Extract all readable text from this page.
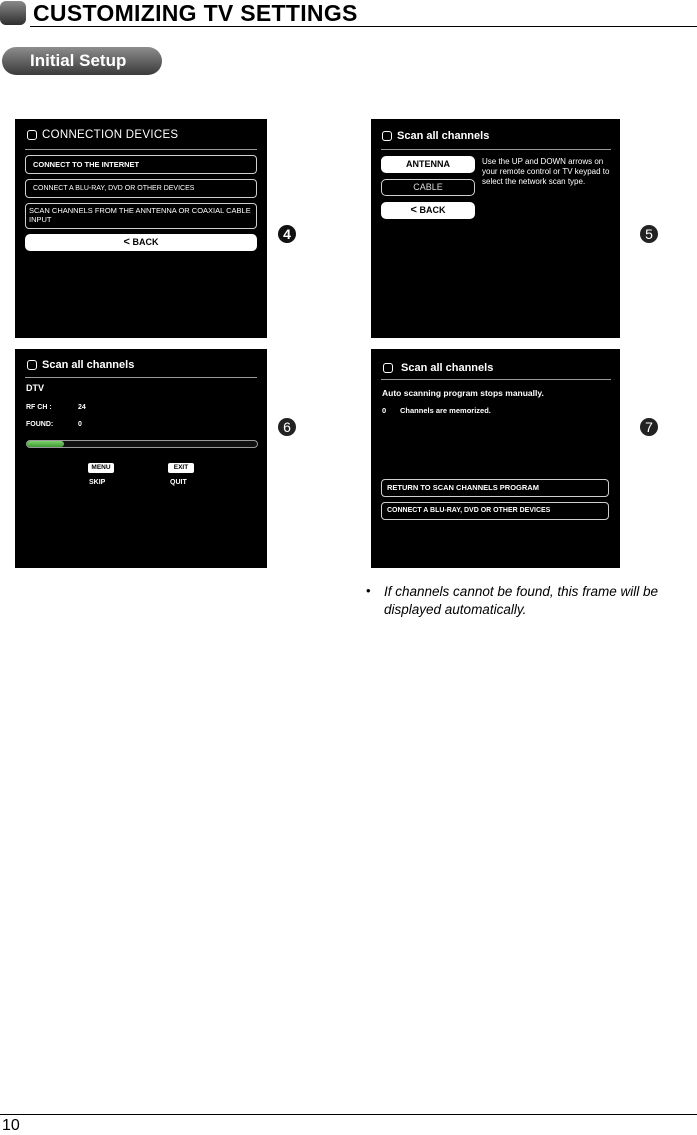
CUSTOMIZING TV SETTINGS
Initial Setup
CONNECTION DEVICES
CONNECT TO THE INTERNET
CONNECT A BLU-RAY, DVD OR OTHER DEVICES
SCAN CHANNELS FROM THE ANNTENNA OR COAXIAL CABLE INPUT
< BACK	4
Scan all channels
ANTENNA
CABLE
< BACK
Use the UP and DOWN arrows on your remote control or TV keypad to select the network scan type.
5
Scan all channels
DTV
RF CH :	24
FOUND:	0
MENU
SKIP
EXIT
QUIT
6
Scan all channels
Auto scanning program stops manually.
0 Channels are memorized.
RETURN TO SCAN CHANNELS PROGRAM
CONNECT A BLU-RAY, DVD OR OTHER DEVICES
7
• If channels cannot be found, this frame will be displayed automatically.
10
